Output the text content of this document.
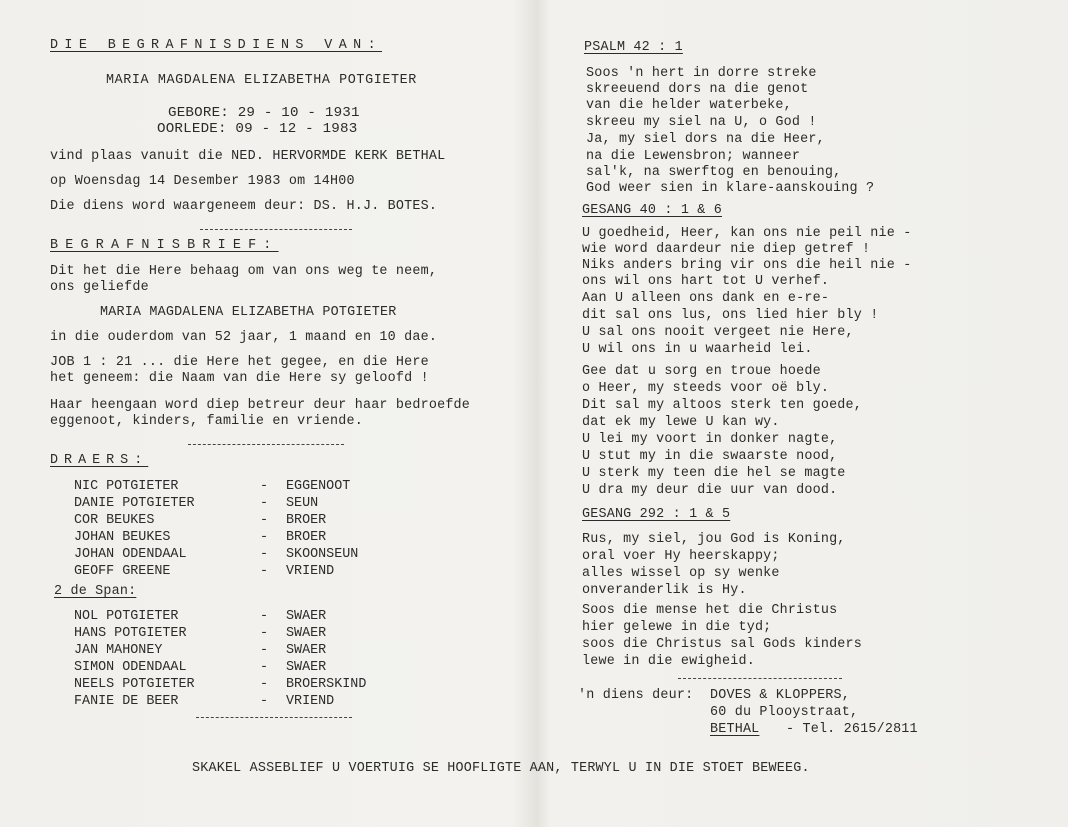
DIE BEGRAFNISDIENS VAN:
MARIA MAGDALENA ELIZABETHA POTGIETER
GEBORE: 29 - 10 - 1931
OORLEDE: 09 - 12 - 1983
vind plaas vanuit die NED. HERVORMDE KERK BETHAL
op Woensdag 14 Desember 1983 om 14H00
Die diens word waargeneem deur: DS. H.J. BOTES.
BEGRAFNISBRIEF:
Dit het die Here behaag om van ons weg te neem,
ons geliefde
MARIA MAGDALENA ELIZABETHA POTGIETER
in die ouderdom van 52 jaar, 1 maand en 10 dae.
JOB 1 : 21 ... die Here het gegee, en die Here
het geneem: die Naam van die Here sy geloofd !
Haar heengaan word diep betreur deur haar bedroefde
eggenoot, kinders, familie en vriende.
DRAERS:
NIC POTGIETER	- EGGENOOT
DANIE POTGIETER	- SEUN
COR BEUKES	- BROER
JOHAN BEUKES	- BROER
JOHAN ODENDAAL	- SKOONSEUN
GEOFF GREENE	- VRIEND
2 de Span:
NOL POTGIETER	- SWAER
HANS POTGIETER	- SWAER
JAN MAHONEY	- SWAER
SIMON ODENDAAL	- SWAER
NEELS POTGIETER	- BROERSKIND
FANIE DE BEER	- VRIEND
PSALM 42 : 1
Soos 'n hert in dorre streke
skreeuend dors na die genot
van die helder waterbeke,
skreeu my siel na U, o God !
Ja, my siel dors na die Heer,
na die Lewensbron; wanneer
sal'k, na swerftog en benouing,
God weer sien in klare-aanskouing ?
GESANG 40 : 1 & 6
U goedheid, Heer, kan ons nie peil nie -
wie word daardeur nie diep getref !
Niks anders bring vir ons die heil nie -
ons wil ons hart tot U verhef.
Aan U alleen ons dank en e-re-
dit sal ons lus, ons lied hier bly !
U sal ons nooit vergeet nie Here,
U wil ons in u waarheid lei.
Gee dat u sorg en troue hoede
o Heer, my steeds voor oë bly.
Dit sal my altoos sterk ten goede,
dat ek my lewe U kan wy.
U lei my voort in donker nagte,
U stut my in die swaarste nood,
U sterk my teen die hel se magte
U dra my deur die uur van dood.
GESANG 292 : 1 & 5
Rus, my siel, jou God is Koning,
oral voer Hy heerskappy;
alles wissel op sy wenke
onveranderlik is Hy.
Soos die mense het die Christus
hier gelewe in die tyd;
soos die Christus sal Gods kinders
lewe in die ewigheid.
'n diens deur: DOVES & KLOPPERS,
60 du Plooystraat,
BETHAL - Tel. 2615/2811
SKAKEL ASSEBLIEF U VOERTUIG SE HOOFLIGTE AAN, TERWYL U IN DIE STOET BEWEEG.
